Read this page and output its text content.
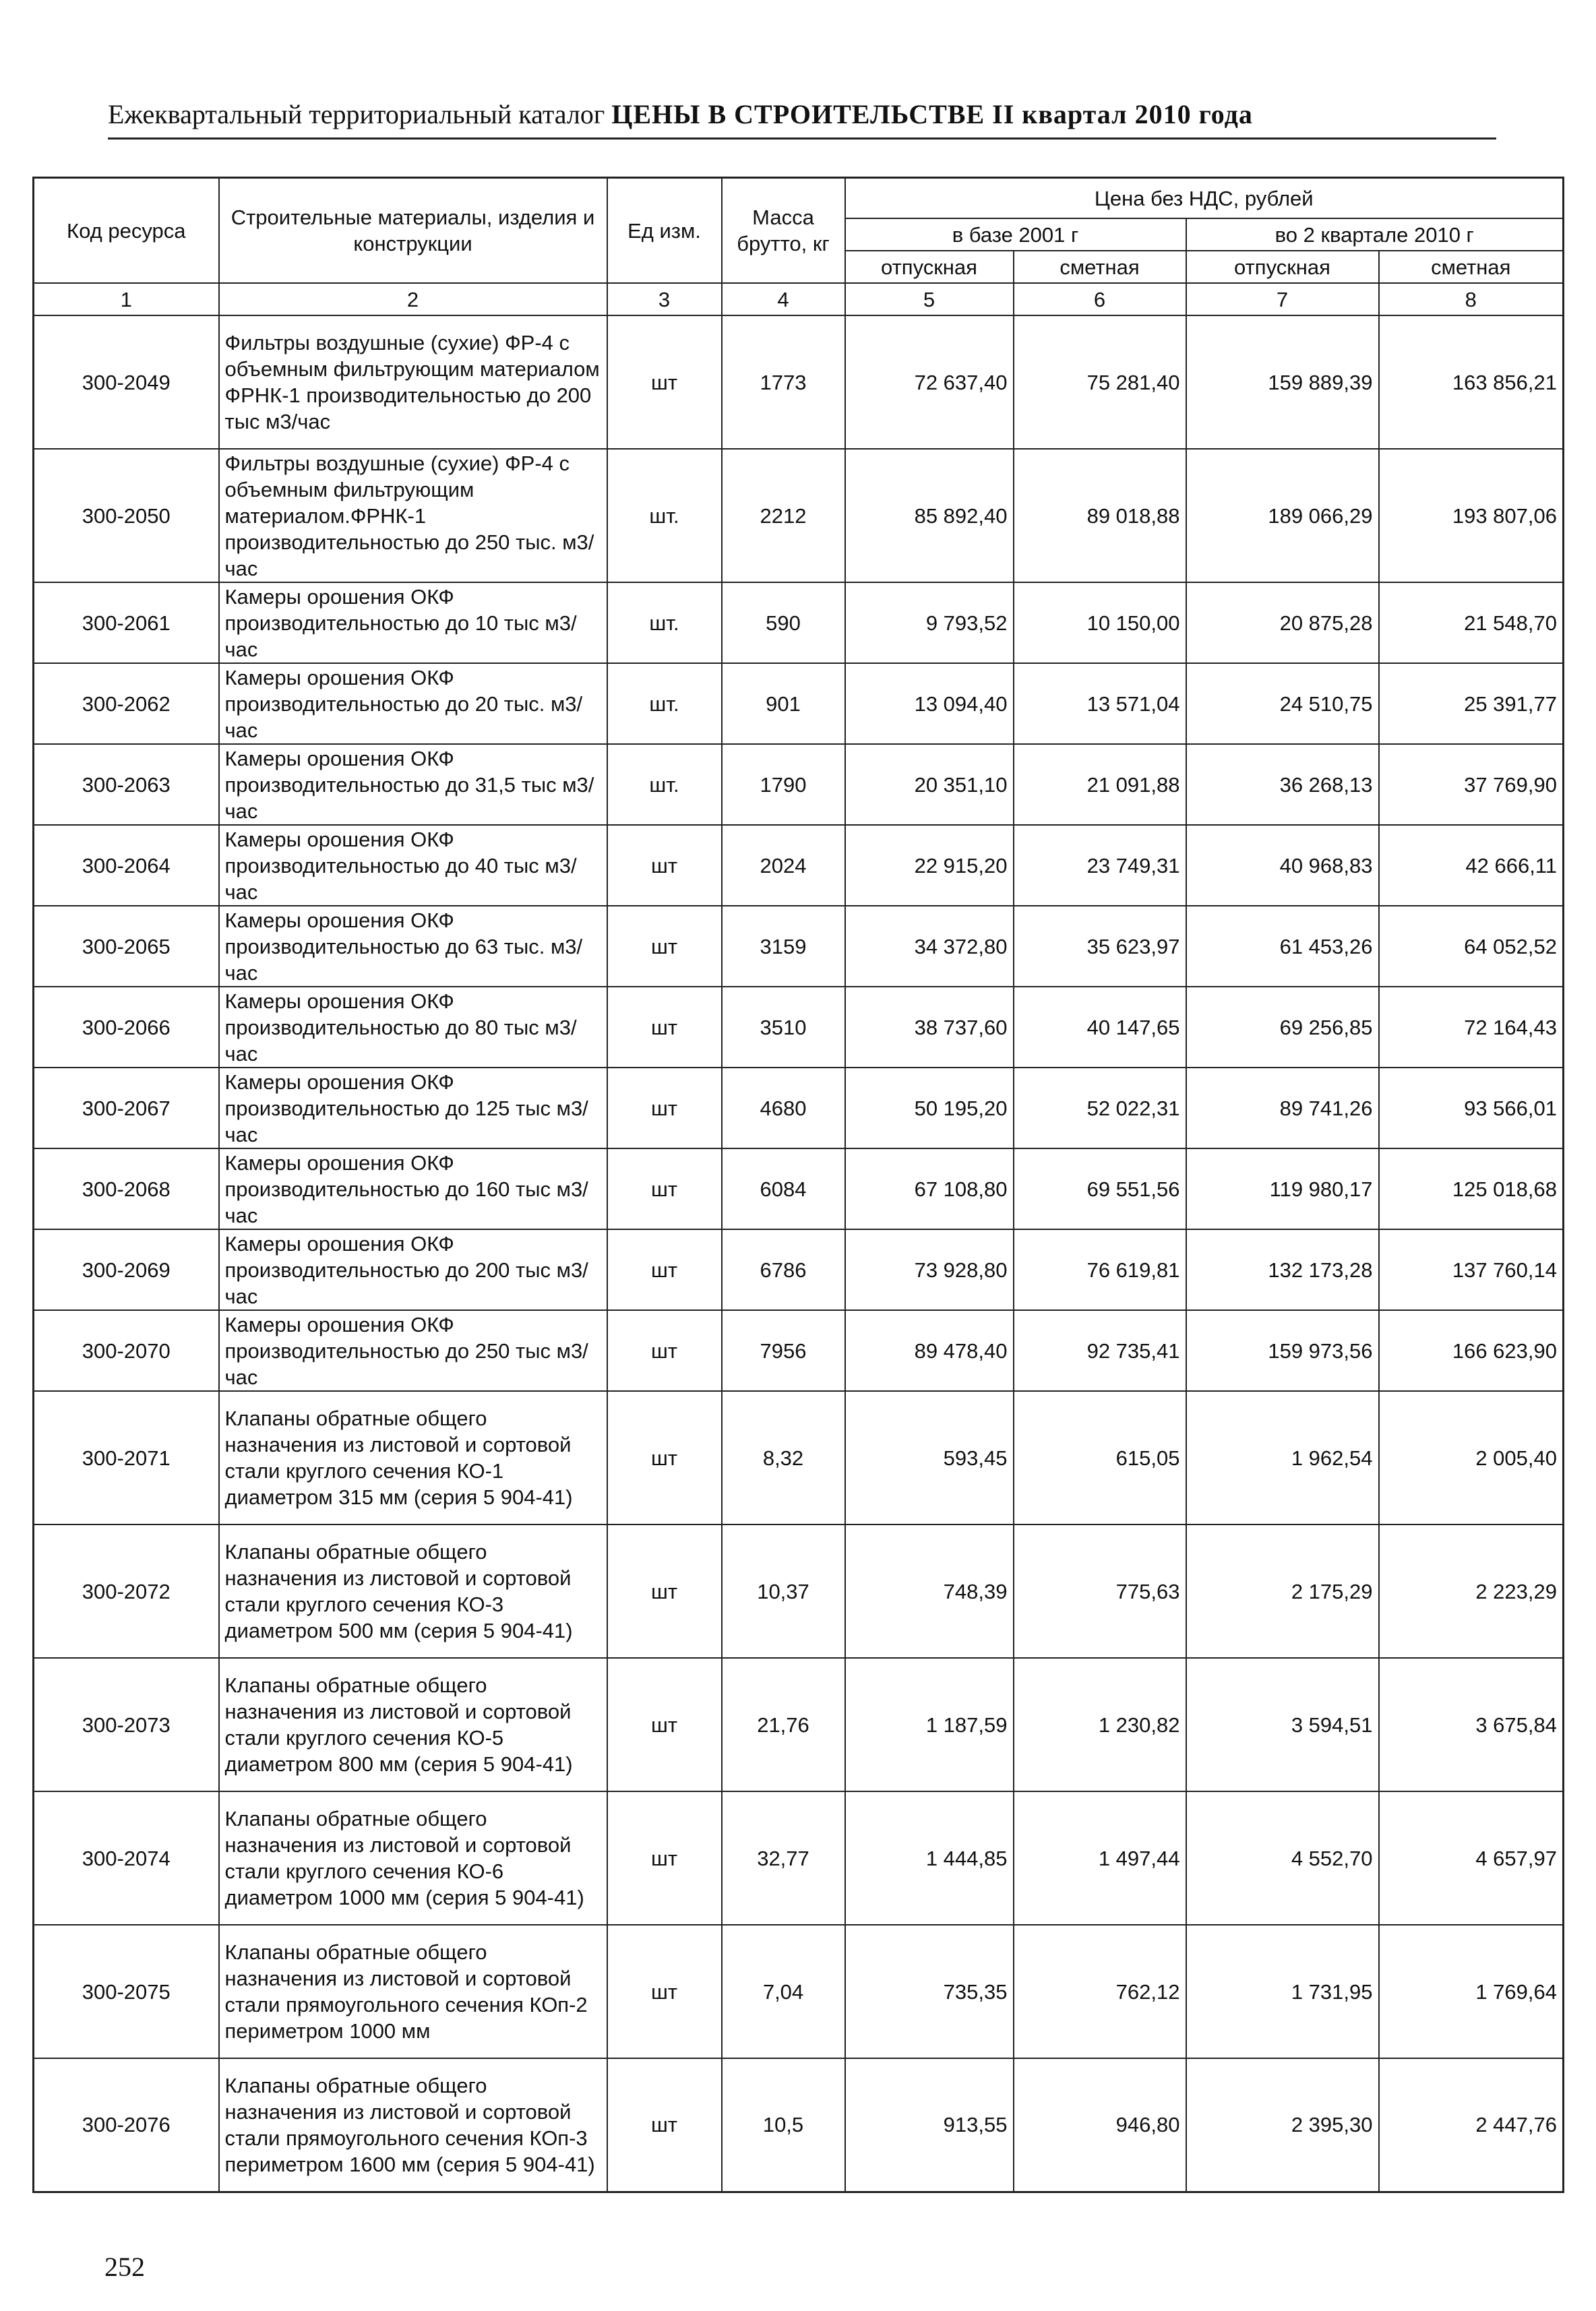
Ежеквартальный территориальный каталог ЦЕНЫ В СТРОИТЕЛЬСТВЕ II квартал 2010 года
Код ресурса	Строительные материалы, изделия и конструкции	Ед изм.	Масса брутто, кг	Цена без НДС, рублей			
				в базе 2001 г		во 2 квартале 2010 г	
				отпускная	сметная	отпускная	сметная
1	2	3	4	5	6	7	8
300-2049	Фильтры воздушные (сухие) ФР-4 с объемным фильтрующим материалом ФРНК-1 производительностью до 200 тыс м3/час	шт	1773	72 637,40	75 281,40	159 889,39	163 856,21
300-2050	Фильтры воздушные (сухие) ФР-4 с объемным фильтрующим материалом.ФРНК-1 производительностью до 250 тыс. м3/час	шт.	2212	85 892,40	89 018,88	189 066,29	193 807,06
300-2061	Камеры орошения ОКФ производительностью до 10 тыс м3/час	шт.	590	9 793,52	10 150,00	20 875,28	21 548,70
300-2062	Камеры орошения ОКФ производительностью до 20 тыс. м3/час	шт.	901	13 094,40	13 571,04	24 510,75	25 391,77
300-2063	Камеры орошения ОКФ производительностью до 31,5 тыс м3/час	шт.	1790	20 351,10	21 091,88	36 268,13	37 769,90
300-2064	Камеры орошения ОКФ производительностью до 40 тыс м3/час	шт	2024	22 915,20	23 749,31	40 968,83	42 666,11
300-2065	Камеры орошения ОКФ производительностью до 63 тыс. м3/час	шт	3159	34 372,80	35 623,97	61 453,26	64 052,52
300-2066	Камеры орошения ОКФ производительностью до 80 тыс м3/час	шт	3510	38 737,60	40 147,65	69 256,85	72 164,43
300-2067	Камеры орошения ОКФ производительностью до 125 тыс м3/час	шт	4680	50 195,20	52 022,31	89 741,26	93 566,01
300-2068	Камеры орошения ОКФ производительностью до 160 тыс м3/час	шт	6084	67 108,80	69 551,56	119 980,17	125 018,68
300-2069	Камеры орошения ОКФ производительностью до 200 тыс м3/час	шт	6786	73 928,80	76 619,81	132 173,28	137 760,14
300-2070	Камеры орошения ОКФ производительностью до 250 тыс м3/час	шт	7956	89 478,40	92 735,41	159 973,56	166 623,90
300-2071	Клапаны обратные общего назначения из листовой и сортовой стали круглого сечения КО-1 диаметром 315 мм (серия 5 904-41)	шт	8,32	593,45	615,05	1 962,54	2 005,40
300-2072	Клапаны обратные общего назначения из листовой и сортовой стали круглого сечения КО-3 диаметром 500 мм (серия 5 904-41)	шт	10,37	748,39	775,63	2 175,29	2 223,29
300-2073	Клапаны обратные общего назначения из листовой и сортовой стали круглого сечения КО-5 диаметром 800 мм (серия 5 904-41)	шт	21,76	1 187,59	1 230,82	3 594,51	3 675,84
300-2074	Клапаны обратные общего назначения из листовой и сортовой стали круглого сечения КО-6 диаметром 1000 мм (серия 5 904-41)	шт	32,77	1 444,85	1 497,44	4 552,70	4 657,97
300-2075	Клапаны обратные общего назначения из листовой и сортовой стали прямоугольного сечения КОп-2 периметром 1000 мм	шт	7,04	735,35	762,12	1 731,95	1 769,64
300-2076	Клапаны обратные общего назначения из листовой и сортовой стали прямоугольного сечения КОп-3 периметром 1600 мм (серия 5 904-41)	шт	10,5	913,55	946,80	2 395,30	2 447,76
252
